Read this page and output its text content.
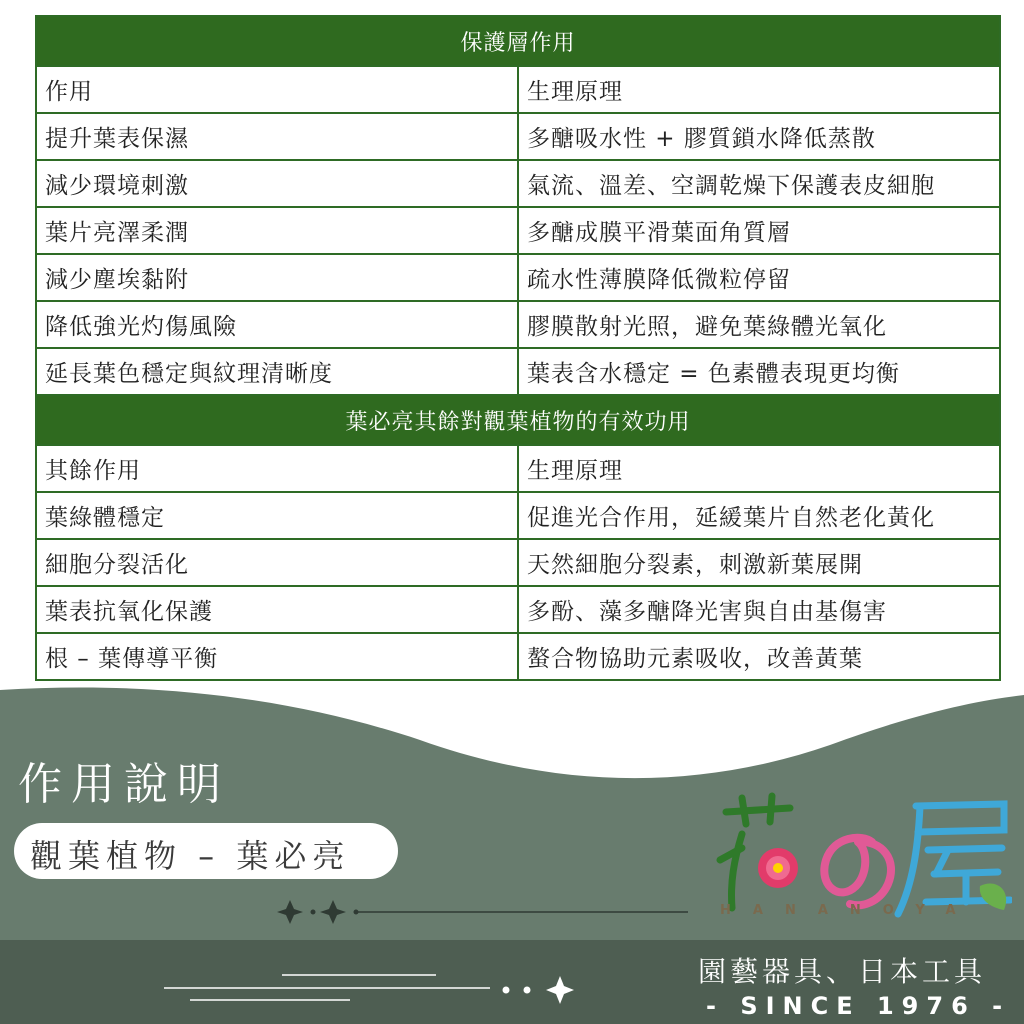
保護層作用	
作用	生理原理
提升葉表保濕	多醣吸水性 + 膠質鎖水降低蒸散
減少環境刺激	氣流、溫差、空調乾燥下保護表皮細胞
葉片亮澤柔潤	多醣成膜平滑葉面角質層
減少塵埃黏附	疏水性薄膜降低微粒停留
降低強光灼傷風險	膠膜散射光照，避免葉綠體光氧化
延長葉色穩定與紋理清晰度	葉表含水穩定 = 色素體表現更均衡
葉必亮其餘對觀葉植物的有效功用	
其餘作用	生理原理
葉綠體穩定	促進光合作用，延緩葉片自然老化黃化
細胞分裂活化	天然細胞分裂素，刺激新葉展開
葉表抗氧化保護	多酚、藻多醣降光害與自由基傷害
根 – 葉傳導平衡	螯合物協助元素吸收，改善黃葉
作用說明
觀葉植物 – 葉必亮
HANANOYA
園藝器具、日本工具
- SINCE 1976 -
